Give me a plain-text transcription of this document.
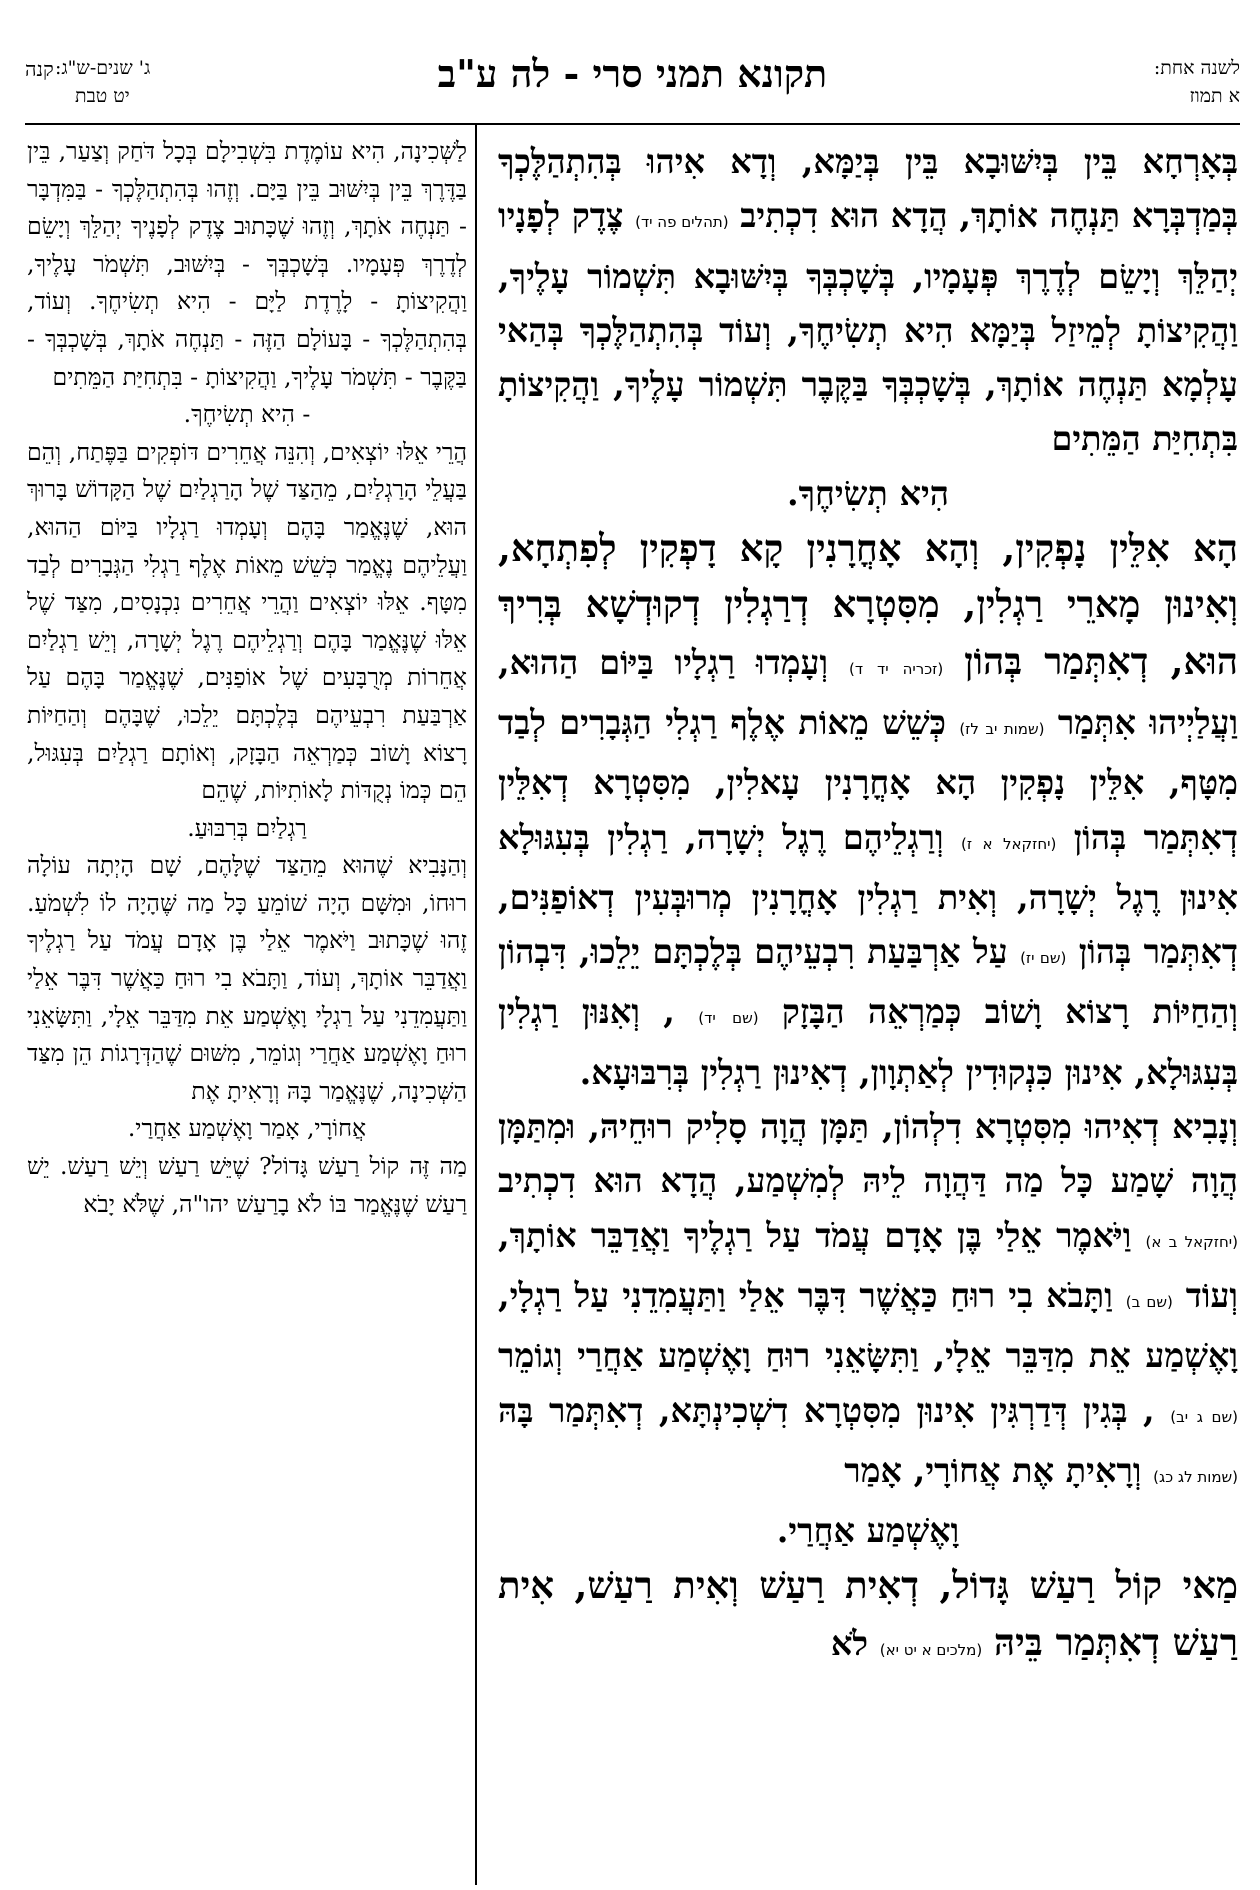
לשנה אחת:
א תמוז
תקונא תמני סרי - לה ע"ב
ג' שנים-ש"ג:
יט טבת
קנה

בְּאָרְחָא בֵּין בְּיִשּׁוּבָא בֵּין בְּיַמָּא, וְדָא אִיהוּ בְּהִתְהַלֶּכְךָ בְּמַדְבְּרָא תַּנְחֶה אוֹתָךְ, הֲדָא הוּא דִכְתִיב (תהלים פה יד) צֶדֶק לְפָנָיו יְהַלֵּךְ וְיָשֵׂם לְדֶרֶךְ פְּעָמָיו, בְּשָׁכְבְּךָ בְּיִשּׁוּבָא תִּשְׁמוֹר עָלֶיךָ, וַהֲקִיצוֹתָ לְמֵיזַל בְּיַמָּא הִיא תְשִׂיחֶךָ, וְעוֹד בְּהִתְהַלֶּכְךָ בְּהַאי עָלְמָא תַּנְחֶה אוֹתָךְ, בְּשָׁכְבְּךָ בַּקֶּבֶר תִּשְׁמוֹר עָלֶיךָ, וַהֲקִיצוֹתָ בִּתְחִיַּת הַמֵּתִים

הִיא תְשִׂיחֶךָ.

הָא אִלֵּין נָפְקִין, וְהָא אָחֳרָנִין קָא דָפְקִין לְפִתְחָא, וְאִינוּן מָארֵי רַגְלִין, מִסִּטְרָא דְרַגְלִין דְקוּדְשָׁא בְּרִיךְ הוּא, דְאִתְּמַר בְּהוֹן (זכריה יד ד) וְעָמְדוּ רַגְלָיו בַּיּוֹם הַהוּא, וַעֲלַיְיהוּ אִתְּמַר (שמות יב לז) כְּשֵׁשׁ מֵאוֹת אֶלֶף רַגְלִי הַגְּבָרִים לְבַד מִטָּף, אִלֵּין נָפְקִין הָא אָחֳרָנִין עָאלִין, מִסִּטְרָא דְאִלֵּין דְאִתְּמַר בְּהוֹן (יחזקאל א ז) וְרַגְלֵיהֶם רֶגֶל יְשָׁרָה, רַגְלִין בְּעִגּוּלָא אִינוּן רֶגֶל יְשָׁרָה, וְאִית רַגְלִין אָחֳרָנִין מְרוּבְּעִין דְאוֹפַנִּים, דְאִתְּמַר בְּהוֹן (שם יז) עַל אַרְבַּעַת רִבְעֵיהֶם בְּלֶכְתָּם יֵלֵכוּ, דִּבְהוֹן וְהַחַיּוֹת רָצוֹא וָשׁוֹב כְּמַרְאֵה הַבָּזָק (שם יד) , וְאִנּוּן רַגְלִין בְּעִגּוּלָא, אִינוּן כִּנְקוּדִין לְאַתְוָון, דְאִינוּן רַגְלִין בְּרִבּוּעָא.

וְנָבִיא דְאִיהוּ מִסִּטְרָא דִלְהוֹן, תַּמָּן הֲוָה סָלִיק רוּחֵיהּ, וּמִתַּמָּן הֲוָה שָׁמַע כָּל מַה דַּהֲוָה לֵיהּ לְמִשְׁמַע, הֲדָא הוּא דִכְתִיב (יחזקאל ב א) וַיֹּאמֶר אֵלַי בֶּן אָדָם עֲמֹד עַל רַגְלֶיךָ וַאֲדַבֵּר אוֹתָךְ, וְעוֹד (שם ב) וַתָּבֹא בִי רוּחַ כַּאֲשֶׁר דִּבֶּר אֵלַי וַתַּעֲמִדֵנִי עַל רַגְלָי, וָאֶשְׁמַע אֵת מִדַּבֵּר אֵלָי, וַתִּשָּׂאֵנִי רוּחַ וָאֶשְׁמַע אַחֲרַי וְגוֹמֵר (שם ג יב) , בְּגִין דְּדַרְגִּין אִינוּן מִסִּטְרָא דִשְׁכִינְתָּא, דְאִתְּמַר בָּהּ (שמות לג כג) וְרָאִיתָ אֶת אֲחוֹרָי, אָמַר

וָאֶשְׁמַע אַחֲרַי.

מַאי קוֹל רַעַשׁ גָּדוֹל, דְאִית רַעַשׁ וְאִית רַעַשׁ, אִית רַעַשׁ דְאִתְּמַר בֵּיהּ (מלכים א יט יא) לֹא

לַשְּׁכִינָה, הִיא עוֹמֶדֶת בִּשְׁבִילָם בְּכָל דֹּחַק וְצַעַר, בֵּין בַּדֶּרֶךְ בֵּין בְּיִשּׁוּב בֵּין בַּיָּם. וְזֶהוּ בְּהִתְהַלֶּכְךָ - בַּמִּדְבָּר - תַּנְחֶה אֹתָךְ, וְזֶהוּ שֶׁכָּתוּב צֶדֶק לְפָנֶיךָ יְהַלֵּךְ וְיָשֵׂם לְדֶרֶךְ פְּעָמָיו. בְּשָׁכְבְּךָ - בְּיִשּׁוּב, תִּשְׁמֹר עָלֶיךָ, וַהֲקִיצוֹתָ - לָרֶדֶת לַיָּם - הִיא תְשִׂיחֶךָ. וְעוֹד, בְּהִתְהַלֶּכְךָ - בָּעוֹלָם הַזֶּה - תַּנְחֶה אֹתָךְ, בְּשָׁכְבְּךָ - בַּקֶּבֶר - תִּשְׁמֹר עָלֶיךָ, וַהֲקִיצוֹתָ - בִּתְחִיַּת הַמֵּתִים

- הִיא תְשִׂיחֶךָ.

הֲרֵי אֵלּוּ יוֹצְאִים, וְהִנֵּה אֲחֵרִים דּוֹפְקִים בַּפֶּתַח, וְהֵם בַּעֲלֵי הָרַגְלַיִם, מֵהַצַּד שֶׁל הָרַגְלַיִם שֶׁל הַקָּדוֹשׁ בָּרוּךְ הוּא, שֶׁנֶּאֱמַר בָּהֶם וְעָמְדוּ רַגְלָיו בַּיּוֹם הַהוּא, וַעֲלֵיהֶם נֶאֱמַר כְּשֵׁשׁ מֵאוֹת אֶלֶף רַגְלִי הַגְּבָרִים לְבַד מִטָּף. אֵלּוּ יוֹצְאִים וַהֲרֵי אֲחֵרִים נִכְנָסִים, מִצַּד שֶׁל אֵלּוּ שֶׁנֶּאֱמַר בָּהֶם וְרַגְלֵיהֶם רֶגֶל יְשָׁרָה, וְיֵשׁ רַגְלַיִם אֲחֵרוֹת מְרֻבָּעִים שֶׁל אוֹפַנִּים, שֶׁנֶּאֱמַר בָּהֶם עַל אַרְבַּעַת רִבְעֵיהֶם בְּלֶכְתָּם יֵלֵכוּ, שֶׁבָּהֶם וְהַחַיּוֹת רָצוֹא וָשׁוֹב כְּמַרְאֵה הַבָּזָק, וְאוֹתָם רַגְלַיִם בְּעִגּוּל, הֵם כְּמוֹ נְקֻדּוֹת לָאוֹתִיּוֹת, שֶׁהֵם

רַגְלַיִם בְּרִבּוּעַ.

וְהַנָּבִיא שֶׁהוּא מֵהַצַּד שֶׁלָּהֶם, שָׁם הָיְתָה עוֹלָה רוּחוֹ, וּמִשָּׁם הָיָה שׁוֹמֵעַ כָּל מַה שֶּׁהָיָה לוֹ לִשְׁמֹעַ. זֶהוּ שֶׁכָּתוּב וַיֹּאמֶר אֵלַי בֶּן אָדָם עֲמֹד עַל רַגְלֶיךָ וַאֲדַבֵּר אוֹתָךְ, וְעוֹד, וַתָּבֹא בִי רוּחַ כַּאֲשֶׁר דִּבֶּר אֵלַי וַתַּעֲמִדֵנִי עַל רַגְלָי וָאֶשְׁמַע אֵת מִדַּבֵּר אֵלָי, וַתִּשָּׂאֵנִי רוּחַ וָאֶשְׁמַע אַחֲרַי וְגוֹמֵר, מִשּׁוּם שֶׁהַדְּרָגוֹת הֵן מִצַּד הַשְּׁכִינָה, שֶׁנֶּאֱמַר בָּהּ וְרָאִיתָ אֶת

אֲחוֹרָי, אָמַר וָאֶשְׁמַע אַחֲרַי.

מַה זֶּה קוֹל רַעַשׁ גָּדוֹל? שֶׁיֵּשׁ רַעַשׁ וְיֵשׁ רַעַשׁ. יֵשׁ רַעַשׁ שֶׁנֶּאֱמַר בּוֹ לֹא בָרַעַשׁ יהו"ה, שֶׁלֹּא יָבֹא
